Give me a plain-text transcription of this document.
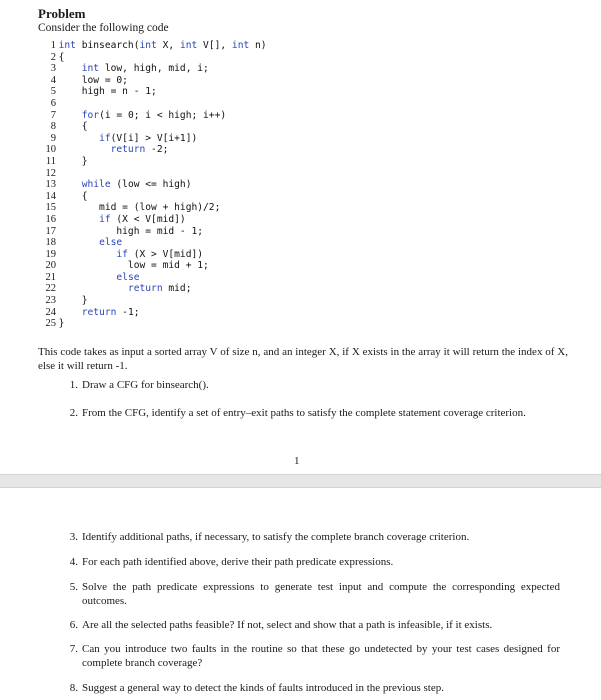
Problem

Consider the following code

1 int binsearch(int X, int V[], int n)
2 {
3	int low, high, mid, i;
4     low = 0;
5     high = n - 1;
6
7	for(i = 0; i < high; i++)
8     {
9	if(V[i] > V[i+1])
10	return -2;
11     }
12
13	while (low <= high)
14     {
15        mid = (low + high)/2;
16	if (X < V[mid])
17           high = mid - 1;
18	else
19	if (X > V[mid])
20             low = mid + 1;
21	else
22	return mid;
23     }
24	return -1;
25 }

This code takes as input a sorted array V of size n, and an integer X, if X exists in the array it will return the index of X, else it will return -1.

1
1. Draw a CFG for binsearch().
2. From the CFG, identify a set of entry–exit paths to satisfy the complete statement coverage criterion.
3. Identify additional paths, if necessary, to satisfy the complete branch coverage criterion.
4. For each path identified above, derive their path predicate expressions.
5. Solve the path predicate expressions to generate test input and compute the corresponding expected outcomes.
6. Are all the selected paths feasible? If not, select and show that a path is infeasible, if it exists.
7. Can you introduce two faults in the routine so that these go undetected by your test cases designed for complete branch coverage?
8. Suggest a general way to detect the kinds of faults introduced in the previous step.
